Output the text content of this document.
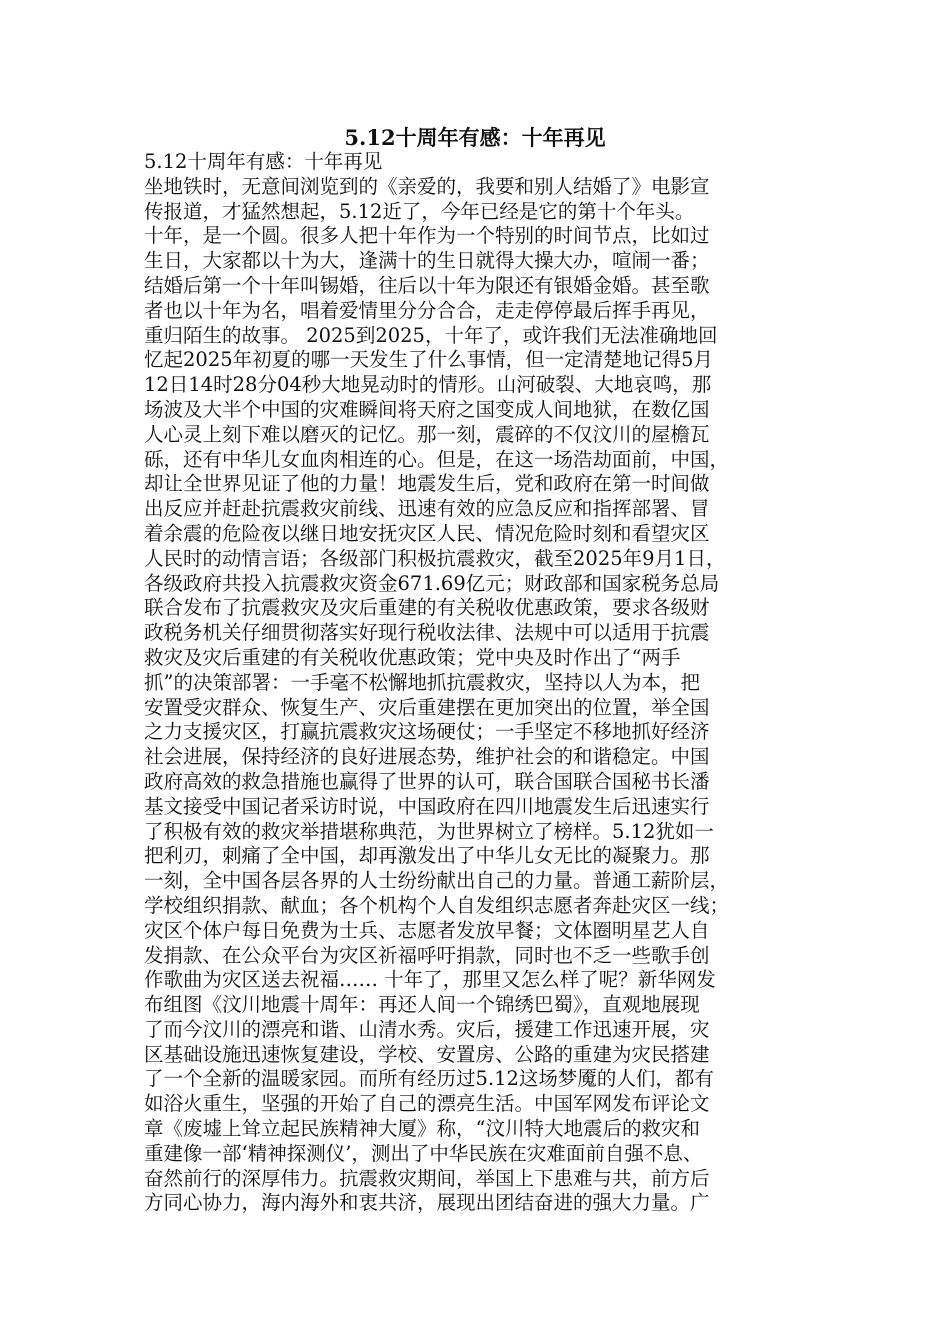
5.12十周年有感：十年再见
5.12十周年有感：十年再见
坐地铁时，无意间浏览到的《亲爱的，我要和别人结婚了》电影宣
传报道，才猛然想起，5.12近了，今年已经是它的第十个年头。
十年，是一个圆。很多人把十年作为一个特别的时间节点，比如过
生日，大家都以十为大，逢满十的生日就得大操大办，喧闹一番；
结婚后第一个十年叫锡婚，往后以十年为限还有银婚金婚。甚至歌
者也以十年为名，唱着爱情里分分合合，走走停停最后挥手再见，
重归陌生的故事。 2025到2025，十年了，或许我们无法准确地回
忆起2025年初夏的哪一天发生了什么事情，但一定清楚地记得5月
12日14时28分04秒大地晃动时的情形。山河破裂、大地哀鸣，那
场波及大半个中国的灾难瞬间将天府之国变成人间地狱，在数亿国
人心灵上刻下难以磨灭的记忆。那一刻，震碎的不仅汶川的屋檐瓦
砾，还有中华儿女血肉相连的心。但是，在这一场浩劫面前，中国，
却让全世界见证了他的力量！地震发生后，党和政府在第一时间做
出反应并赶赴抗震救灾前线、迅速有效的应急反应和指挥部署、冒
着余震的危险夜以继日地安抚灾区人民、情况危险时刻和看望灾区
人民时的动情言语；各级部门积极抗震救灾，截至2025年9月1日，
各级政府共投入抗震救灾资金671.69亿元；财政部和国家税务总局
联合发布了抗震救灾及灾后重建的有关税收优惠政策，要求各级财
政税务机关仔细贯彻落实好现行税收法律、法规中可以适用于抗震
救灾及灾后重建的有关税收优惠政策；党中央及时作出了“两手
抓”的决策部署：一手毫不松懈地抓抗震救灾，坚持以人为本，把
安置受灾群众、恢复生产、灾后重建摆在更加突出的位置，举全国
之力支援灾区，打赢抗震救灾这场硬仗；一手坚定不移地抓好经济
社会进展，保持经济的良好进展态势，维护社会的和谐稳定。中国
政府高效的救急措施也赢得了世界的认可，联合国联合国秘书长潘
基文接受中国记者采访时说，中国政府在四川地震发生后迅速实行
了积极有效的救灾举措堪称典范，为世界树立了榜样。5.12犹如一
把利刃，刺痛了全中国，却再激发出了中华儿女无比的凝聚力。那
一刻，全中国各层各界的人士纷纷献出自己的力量。普通工薪阶层，
学校组织捐款、献血；各个机构个人自发组织志愿者奔赴灾区一线；
灾区个体户每日免费为士兵、志愿者发放早餐；文体圈明星艺人自
发捐款、在公众平台为灾区祈福呼吁捐款，同时也不乏一些歌手创
作歌曲为灾区送去祝福…… 十年了，那里又怎么样了呢？新华网发
布组图《汶川地震十周年：再还人间一个锦绣巴蜀》，直观地展现
了而今汶川的漂亮和谐、山清水秀。灾后，援建工作迅速开展，灾
区基础设施迅速恢复建设，学校、安置房、公路的重建为灾民搭建
了一个全新的温暖家园。而所有经历过5.12这场梦魇的人们，都有
如浴火重生，坚强的开始了自己的漂亮生活。中国军网发布评论文
章《废墟上耸立起民族精神大厦》称，“汶川特大地震后的救灾和
重建像一部‘精神探测仪’，测出了中华民族在灾难面前自强不息、
奋然前行的深厚伟力。抗震救灾期间，举国上下患难与共，前方后
方同心协力，海内海外和衷共济，展现出团结奋进的强大力量。广
